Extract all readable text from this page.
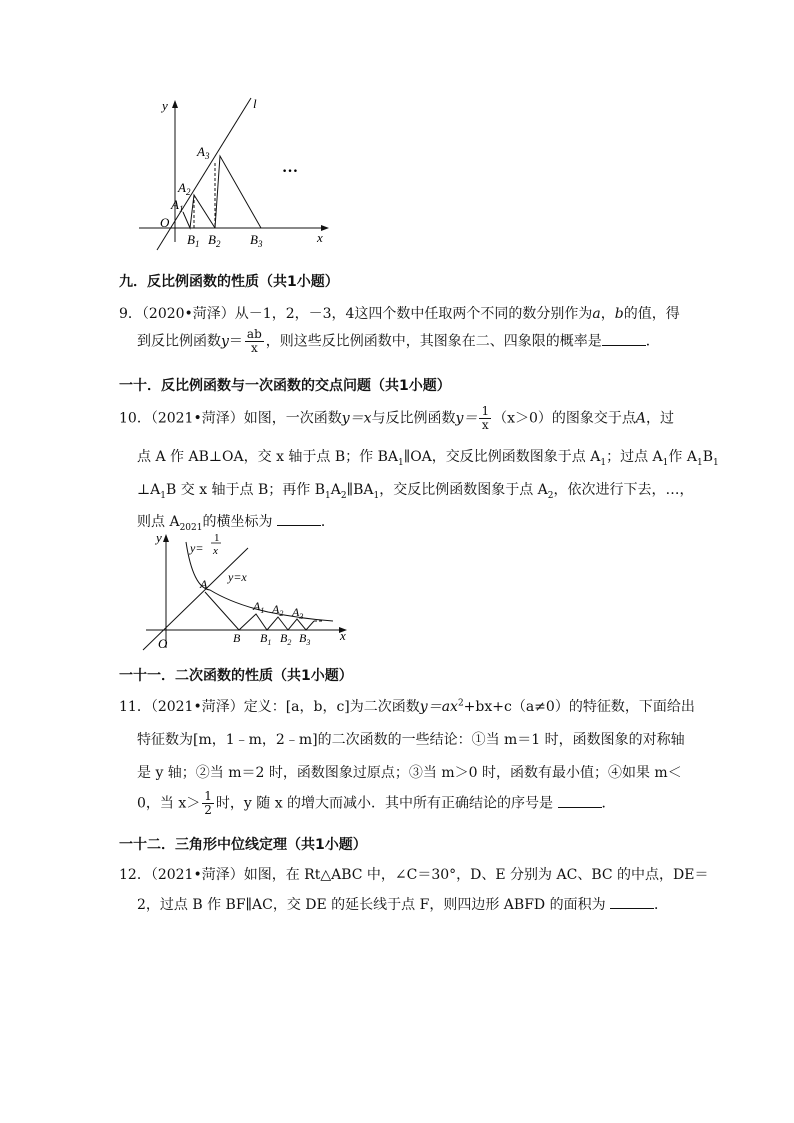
y	l
x
O
$A_1$
$A_2$
$A_3$
$B_1$ $B_2$ $B_3$
…
九．反比例函数的性质（共1小题）
9．（2020•菏泽）从－1，2，－3，4这四个数中任取两个不同的数分别作为a，b的值，得
到反比例函数$y= \frac{ab}{x}$ ，则这些反比例函数中，其图象在二、四象限的概率是	．
一十．反比例函数与一次函数的交点问题（共1小题）
10．（2021•菏泽）如图，一次函数y＝x与反比例函数$y= \frac{1}{x} (x>0)$的图象交于点A，过
点 A 作 AB⊥OA，交 x 轴于点 B；作 $BA_1\parallel OA$，交反比例函数图象于点 $A_1$；过点 $A_1$作 $A_1B_1$
$\perp A_1B$ 交 x 轴于点 B；再作 $B_1A_2\parallel BA_1$，交反比例函数图象于点 $A_2$，依次进行下去，…，
则点 $A_{2021}$的横坐标为	．
y
x
O
y=
1
x
y=x
A
B
$A_1$ $A_2$ $A_3$
$B_1$ $B_2$ $B_3$
一十一．二次函数的性质（共1小题）
11．（2021•菏泽）定义：[a，b，c]为二次函数$y=ax^2+bx+c(a\ne 0)$的特征数，下面给出
特征数为[m，1﹣m，2﹣m]的二次函数的一些结论：①当 m＝1 时，函数图象的对称轴
是 y 轴；②当 m＝2 时，函数图象过原点；③当 m＞0 时，函数有最小值；④如果 m＜
0，当 $x> \frac{1}{2}$ 时，y 随 x 的增大而减小．其中所有正确结论的序号是	．
一十二．三角形中位线定理（共1小题）
12．（2021•菏泽）如图，在 Rt△ABC 中，∠C＝30°，D、E 分别为 AC、BC 的中点，DE＝
2，过点 B 作 BF∥AC，交 DE 的延长线于点 F，则四边形 ABFD 的面积为	．
